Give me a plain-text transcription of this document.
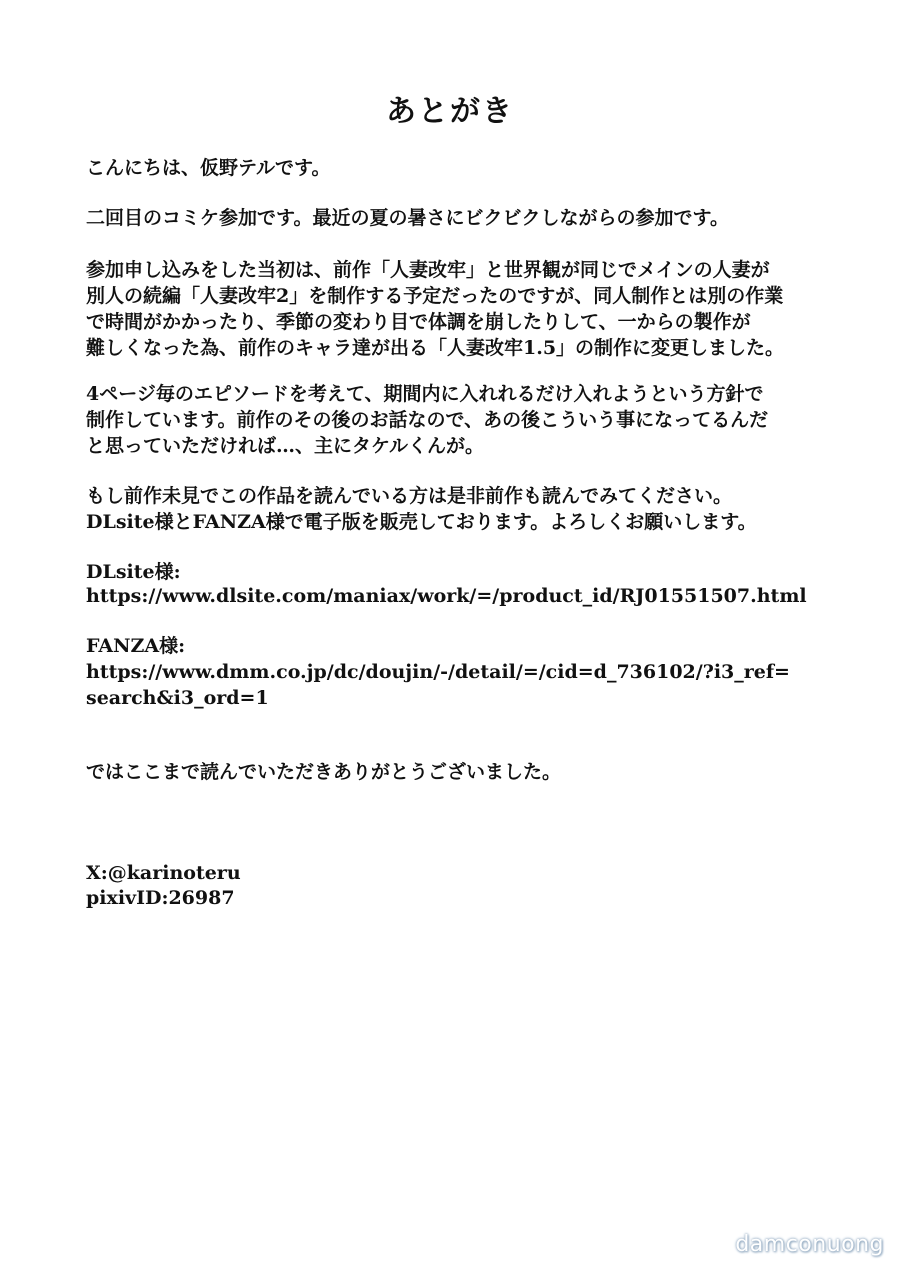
あとがき
こんにちは、仮野テルです。
二回目のコミケ参加です。最近の夏の暑さにビクビクしながらの参加です。
参加申し込みをした当初は、前作「人妻改牢」と世界観が同じでメインの人妻が
別人の続編「人妻改牢2」を制作する予定だったのですが、同人制作とは別の作業
で時間がかかったり、季節の変わり目で体調を崩したりして、一からの製作が
難しくなった為、前作のキャラ達が出る「人妻改牢1.5」の制作に変更しました。
4ページ毎のエピソードを考えて、期間内に入れれるだけ入れようという方針で
制作しています。前作のその後のお話なので、あの後こういう事になってるんだ
と思っていただければ…、主にタケルくんが。
もし前作未見でこの作品を読んでいる方は是非前作も読んでみてください。
DLsite様とFANZA様で電子版を販売しております。よろしくお願いします。
DLsite様:
https://www.dlsite.com/maniax/work/=/product_id/RJ01551507.html
FANZA様:
https://www.dmm.co.jp/dc/doujin/-/detail/=/cid=d_736102/?i3_ref=
search&i3_ord=1
ではここまで読んでいただきありがとうございました。
X:@karinoteru
pixivID:26987
damconuong
